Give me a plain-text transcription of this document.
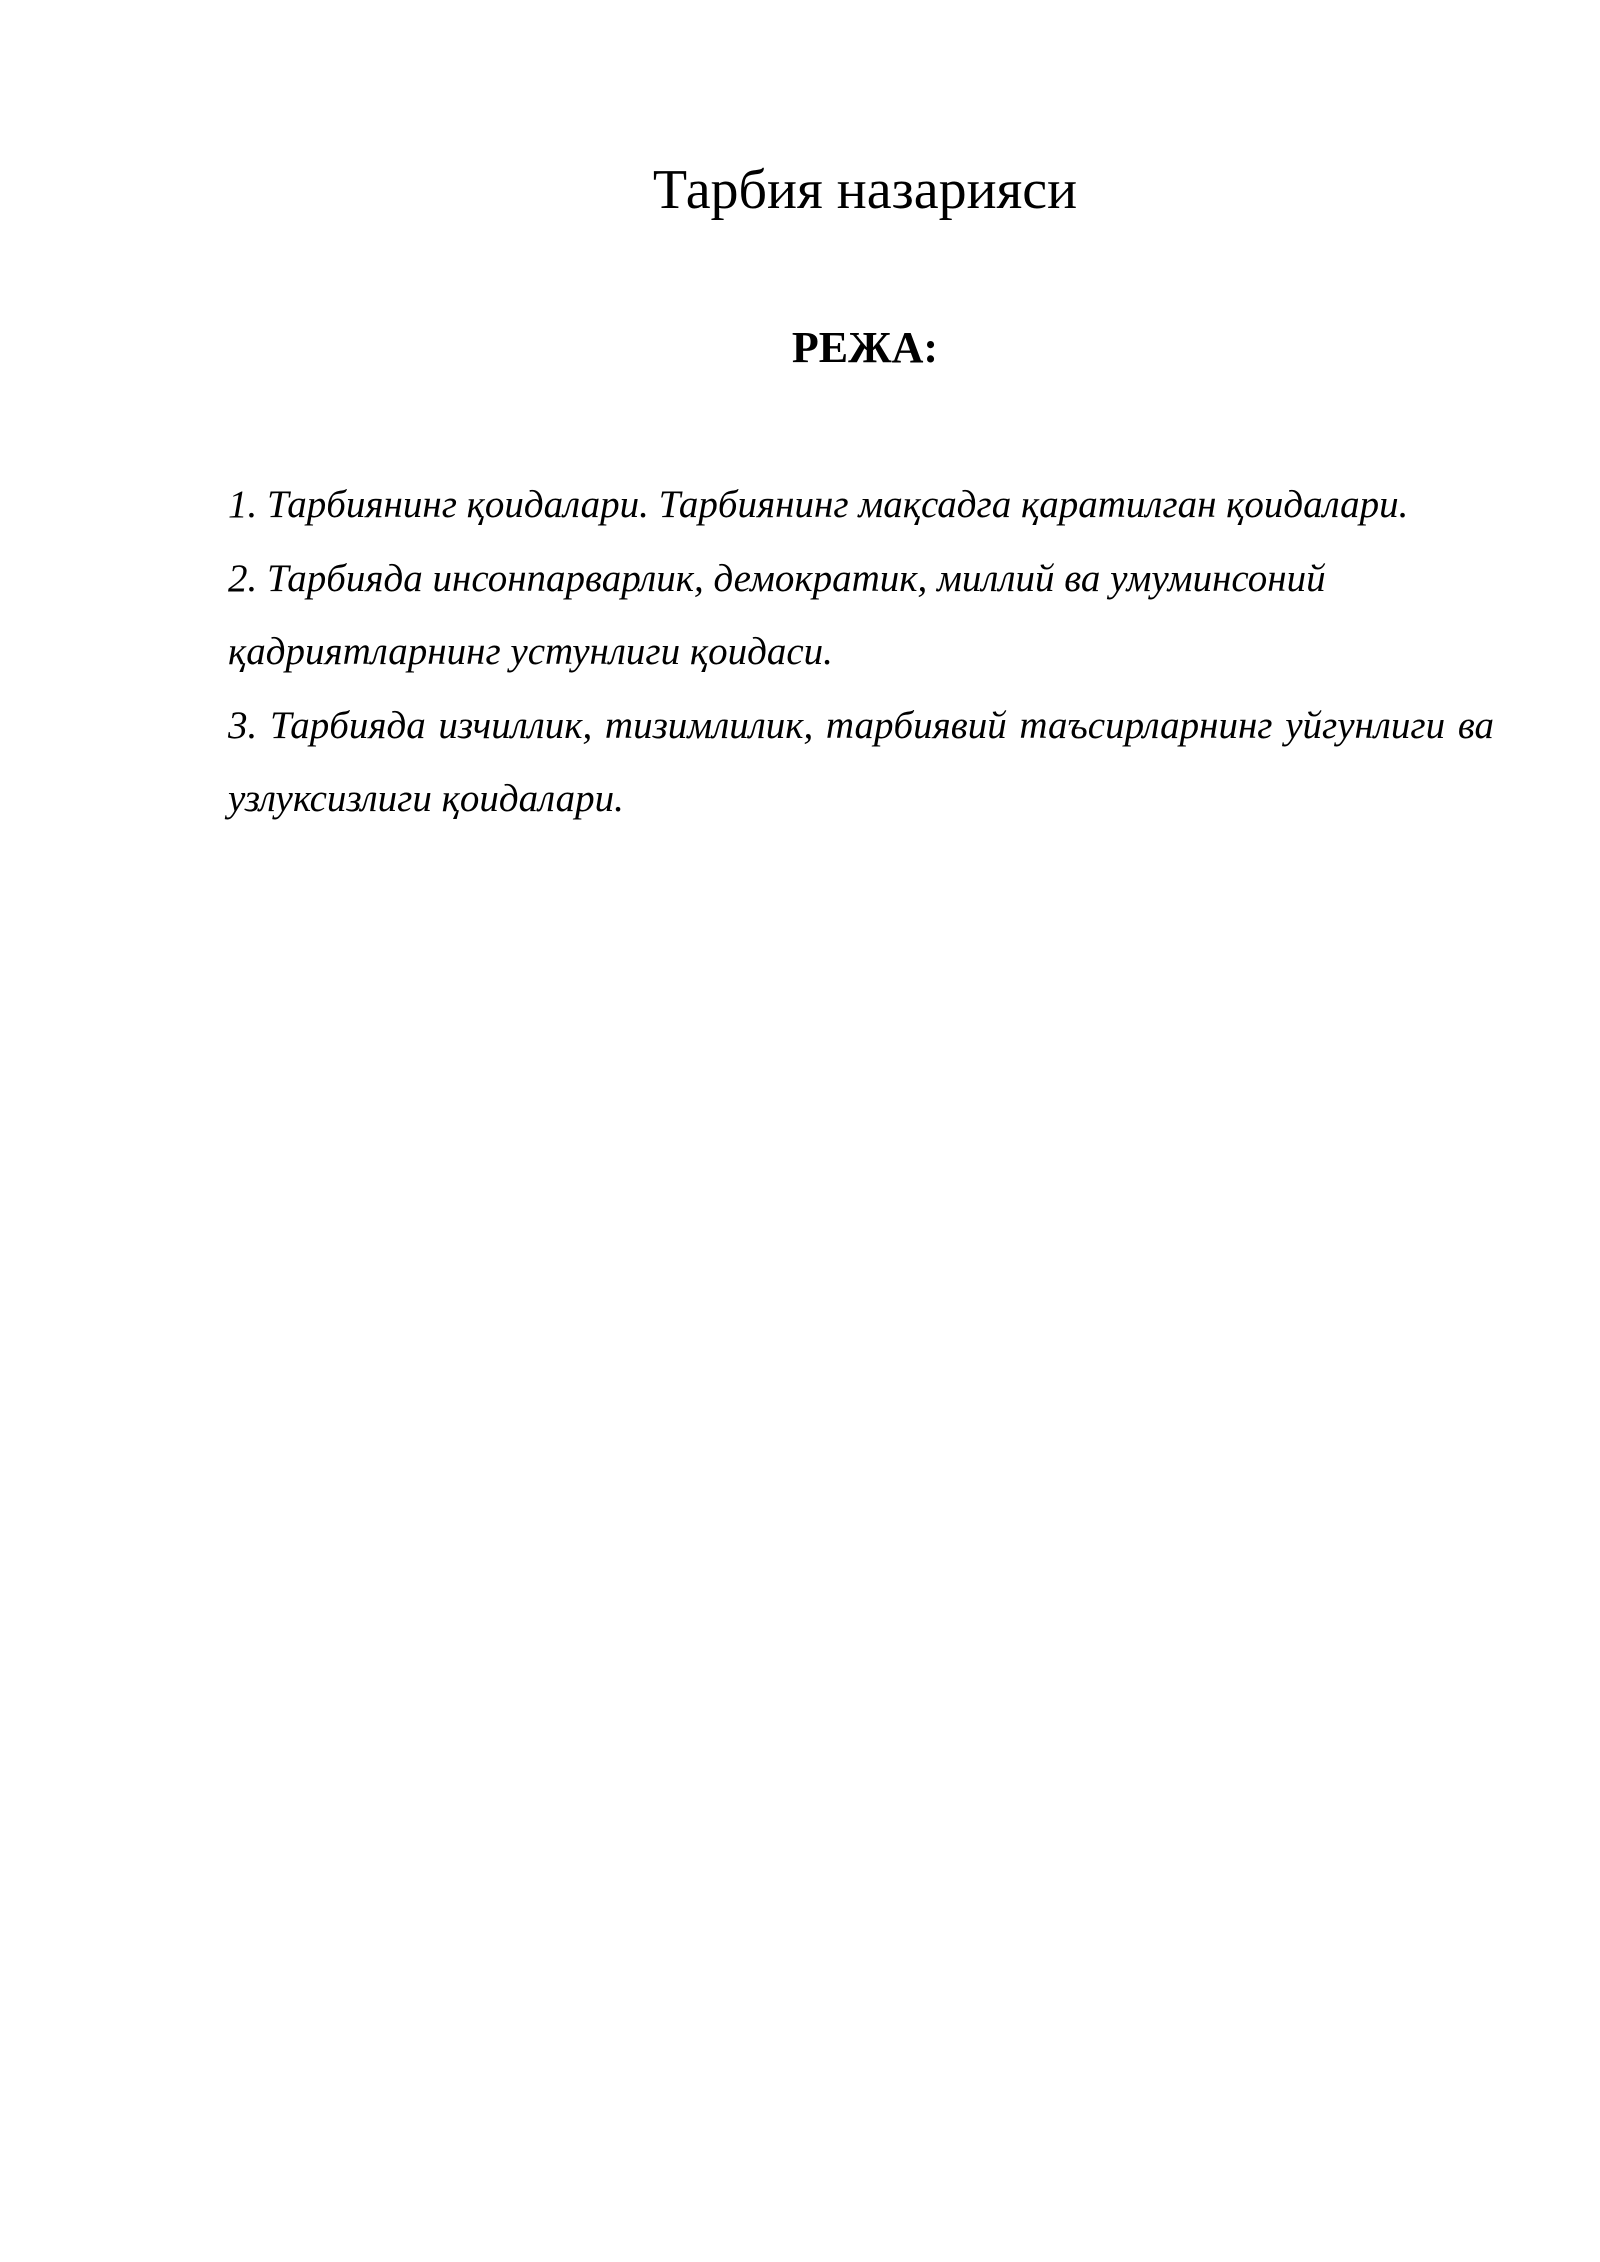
Тарбия назарияси
РЕЖА:
1. Тарбиянинг қоидалари. Тарбиянинг мақсадга қаратилган қоидалари.
2. Тарбияда инсонпарварлик, демократик, миллий ва умуминсоний қадриятларнинг устунлиги қоидаси.
3. Тарбияда изчиллик, тизимлилик, тарбиявий таъсирларнинг уйгунлиги ва узлуксизлиги қоидалари.
